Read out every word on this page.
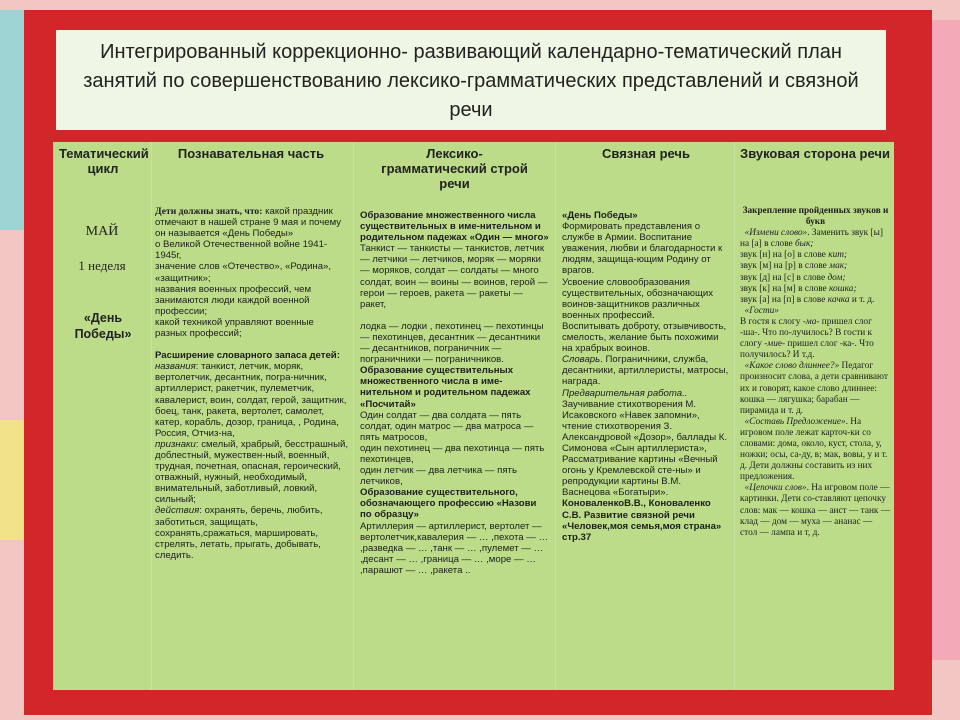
Интегрированный коррекционно- развивающий календарно-тематический план занятий по совершенствованию лексико-грамматических представлений и связной речи
Тематический цикл
МАЙ
1 неделя
«День Победы»
Познавательная часть

Дети должны знать, что: какой праздник отмечают в нашей стране 9 мая и почему он называется «День Победы»

о Великой Отечественной войне 1941-1945г,

значение слов «Отечество», «Родина», «защитник»;

названия военных профессий, чем занимаются люди каждой военной профессии;

какой техникой управляют военные разных профессий;

Расширение словарного запаса детей:

названия: танкист, летчик, моряк, вертолетчик, десантник, погра-ничник, артиллерист, ракетчик, пулеметчик, кавалерист, воин, солдат, герой, защитник, боец, танк, ракета, вертолет, самолет, катер, корабль, дозор, граница, , Родина, Россия, Отчиз-на,

признаки: смелый, храбрый, бесстрашный, доблестный, мужествен-ный, военный, трудная, почетная, опасная, героический, отважный, нужный, необходимый, внимательный, заботливый, ловкий, сильный;

действия: охранять, беречь, любить, заботиться, защищать, сохранять,сражаться, маршировать, стрелять, летать, прыгать, добывать, следить.

Лексико-грамматический строй речи

Образование множественного числа существительных в име-нительном и родительном падежах «Один — много»

Танкист — танкисты — танкистов, летчик — летчики — летчиков, моряк — моряки — моряков, солдат — солдаты — много солдат, воин — воины — воинов, герой — герои — героев, ракета — ракеты — ракет,

лодка — лодки , пехотинец — пехотинцы — пехотинцев, десантник — десантники — десантников, пограничник — пограничники — пограничников.

Образование существительных множественного числа в име-нительном и родительном падежах «Посчитай»

Один солдат — два солдата — пять солдат, один матрос — два матроса — пять матросов,

один пехотинец — два пехотинца — пять пехотинцев,

один летчик — два летчика — пять летчиков,

Образование существительного, обозначающего профессию «Назови по образцу»

Артиллерия — артиллерист, вертолет —вертолетчик,кавалерия — … ,пехота — … ,разведка — … ,танк — … ,пулемет — … ,десант — … ,граница — … ,море — … ,парашют — … ,ракета ..

Связная речь

«День Победы»

Формировать представления о службе в Армии. Воспитание уважения, любви и благодарности к людям, защища-ющим Родину от врагов.

Усвоение словообразования существительных, обозначающих воинов-защитников различных военных профессий.

Воспитывать доброту, отзывчивость, смелость, желание быть похожими на храбрых воинов.

Словарь. Пограничники, служба, десантники, артиллеристы, матросы, награда.

Предварительная работа..

Заучивание стихотворения М. Исаковского «Навек запомни», чтение стихотворения З. Александровой «Дозор», баллады К. Симонова «Сын артиллериста», Рассматривание картины «Вечный огонь у Кремлевской сте-ны» и репродукции картины В.М. Васнецова «Богатыри».

КоноваленкоВ.В., Коноваленко С.В. Развитие связной речи «Человек,моя семья,моя страна» стр.37

Звуковая сторона речи

Закрепление пройденных звуков и букв

«Измени слово». Заменить звук [ы] на [а] в слове бык;

звук [н] на [о] в слове кит;

звук [м] на [р] в слове мак;

звук [д] на [с] в слове дом;

звук [к] на [м] в слове кошка;

звук [а] на [п] в слове качка и т. д.

«Гости»

В гостя к слогу -ма- пришел слог -ша-. Что по-лучилось? В гости к слогу -мие- пришел слог -ка-. Что получилось? И т.д.

«Какое слово длиннее?» Педагог произносит слова, а дети сравнивают их и говорят, какое слово длиннее: кошка — лягушка; барабан — пирамида и т. д.

«Составь Предложение». На игровом поле лежат карточ-ки со словами: дома, около, куст, стола, у, ножки; осы, са-ду, в; мак, вовы, у и т. д. Дети должны составить из них предложения.

«Цепочки слов». На игровом поле — картинки. Дети со-ставляют цепочку слов: мак — кошка — аист — танк — клад — дом — муха — ананас — стол — лампа и т, д.
